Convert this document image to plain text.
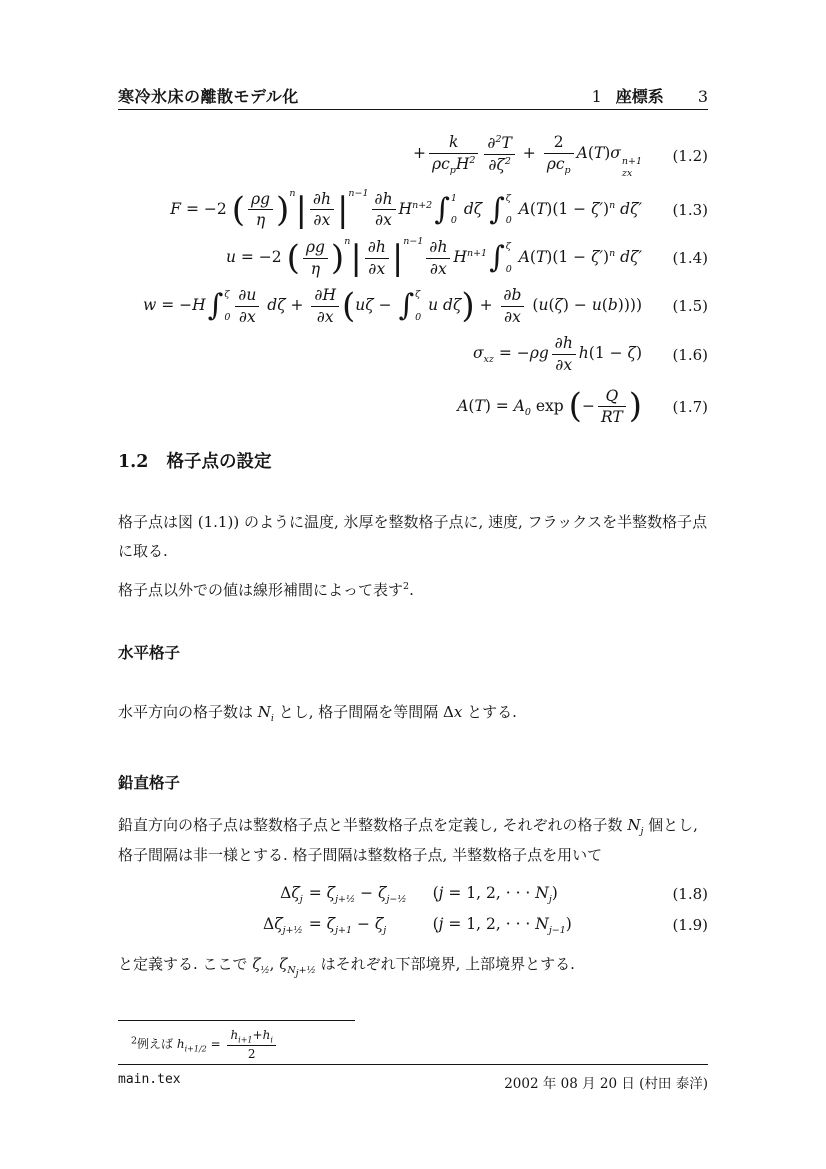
寒冷氷床の離散モデル化	1 座標系 3
+
k
$\rho c_pH^2 \frac{\partial^2T}{\partial\zeta^2}$ +
2
$\rho c_p$
A(T)σ n+1
zx
(1.2)
F = −2 ( $\frac{\rho g}{\eta} )^n| \frac{\partial h}{\partial x} |^{n-1} \frac{\partial h}{\partial x} H^{n+2}$ ∫ 1
0
dζ ∫ ζ
0
$A(T)(1 - \zeta')^n$ dζ′	(1.3)
u = −2 ( $\frac{\rho g}{\eta} )^n| \frac{\partial h}{\partial x} |^{n-1} \frac{\partial h}{\partial x} H^{n+1}$ ∫ ζ
0
$A(T)(1 - \zeta')^n$ dζ′	(1.4)
w = −H ∫ ζ
$0 \frac{\partial u}{\partial x}$ $d\zeta + \frac{\partial H}{\partial x} (u\zeta$ − ∫ ζ
0
u $d\zeta) + \frac{\partial b}{\partial x} (u(\zeta) - u(b))$))	(1.5)
$\sigma_{xz} = -\rho g \frac{\partial h}{\partial x} h(1 - \zeta)$	(1.6)
$A(T) = A_0$ exp (− $\frac{Q}{RT}$ )	(1.7)
1.2 格子点の設定
格子点は図 (1.1)) のように温度, 氷厚を整数格子点に, 速度, フラックスを半整数格子点に取る.
格子点以外での値は線形補間によって表す$^2$.
水平格子
水平方向の格子数は $N_i$ とし, 格子間隔を等間隔 Δx とする.
鉛直格子
鉛直方向の格子点は整数格子点と半整数格子点を定義し, それぞれの格子数 $N_j$ 個とし, 格子間隔は非一様とする. 格子間隔は整数格子点, 半整数格子点を用いて
$\Delta\zeta_j = \zeta_{j+\frac{1}{2}} - \zeta_{j-\frac{1}{2}}$	(j = 1, 2, · · · $N_j$)	(1.8)
$\Delta\zeta_{j+\frac{1}{2}} = \zeta_{j+1} - \zeta_j$	(j = 1, 2, · · · $N_{j-1}$)	(1.9)
と定義する. ここで $\zeta_{\frac{1}{2}}$, $\zeta_{N_j+\frac{1}{2}}$ はそれぞれ下部境界, 上部境界とする.
$^2$例えば $h_{i+1/2} = \frac{h_{i+1}+h_i}{2}$
main.tex	2002 年 08 月 20 日 (村田 泰洋)
